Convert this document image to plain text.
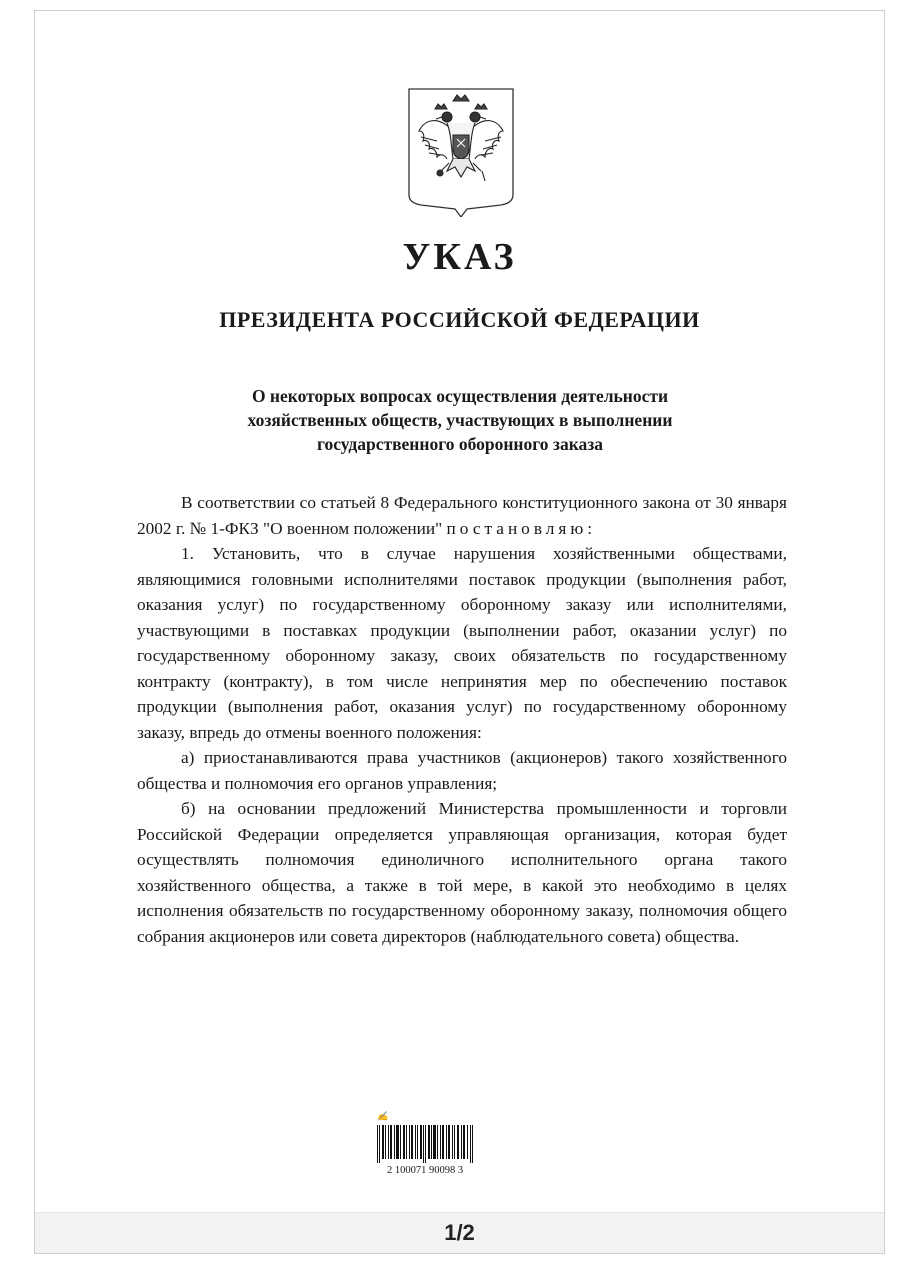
УКАЗ
ПРЕЗИДЕНТА РОССИЙСКОЙ ФЕДЕРАЦИИ
О некоторых вопросах осуществления деятельности
хозяйственных обществ, участвующих в выполнении
государственного оборонного заказа

В соответствии со статьей 8 Федерального конституционного закона от 30 января 2002 г. № 1-ФКЗ "О военном положении" постановляю:

1. Установить, что в случае нарушения хозяйственными обществами, являющимися головными исполнителями поставок продукции (выполнения работ, оказания услуг) по государственному оборонному заказу или исполнителями, участвующими в поставках продукции (выполнении работ, оказании услуг) по государственному оборонному заказу, своих обязательств по государственному контракту (контракту), в том числе непринятия мер по обеспечению поставок продукции (выполнения работ, оказания услуг) по государственному оборонному заказу, впредь до отмены военного положения:

а) приостанавливаются права участников (акционеров) такого хозяйственного общества и полномочия его органов управления;

б) на основании предложений Министерства промышленности и торговли Российской Федерации определяется управляющая организация, которая будет осуществлять полномочия единоличного исполнительного органа такого хозяйственного общества, а также в той мере, в какой это необходимо в целях исполнения обязательств по государственному оборонному заказу, полномочия общего собрания акционеров или совета директоров (наблюдательного совета) общества.

✍
2 100071 90098 3
1/2
